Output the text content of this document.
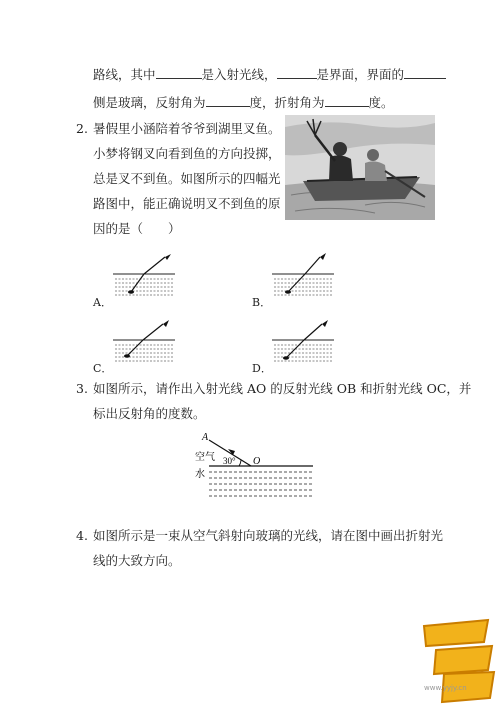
路线，其中	是入射光线，	是界面，界面的
侧是玻璃，反射角为	度，折射角为	度。
2. 暑假里小涵陪着爷爷到湖里叉鱼。
小梦将钢叉向看到鱼的方向投掷，
总是叉不到鱼。如图所示的四幅光
路图中，能正确说明叉不到鱼的原
因的是（　　）
A．	B．
C．	D．
3. 如图所示，请作出入射光线 AO 的反射光线 OB 和折射光线 OC，并
标出反射角的度数。
A
O
30°
空气
水
4. 如图所示是一束从空气斜射向玻璃的光线，请在图中画出折射光
线的大致方向。
www.yyjy.cn
